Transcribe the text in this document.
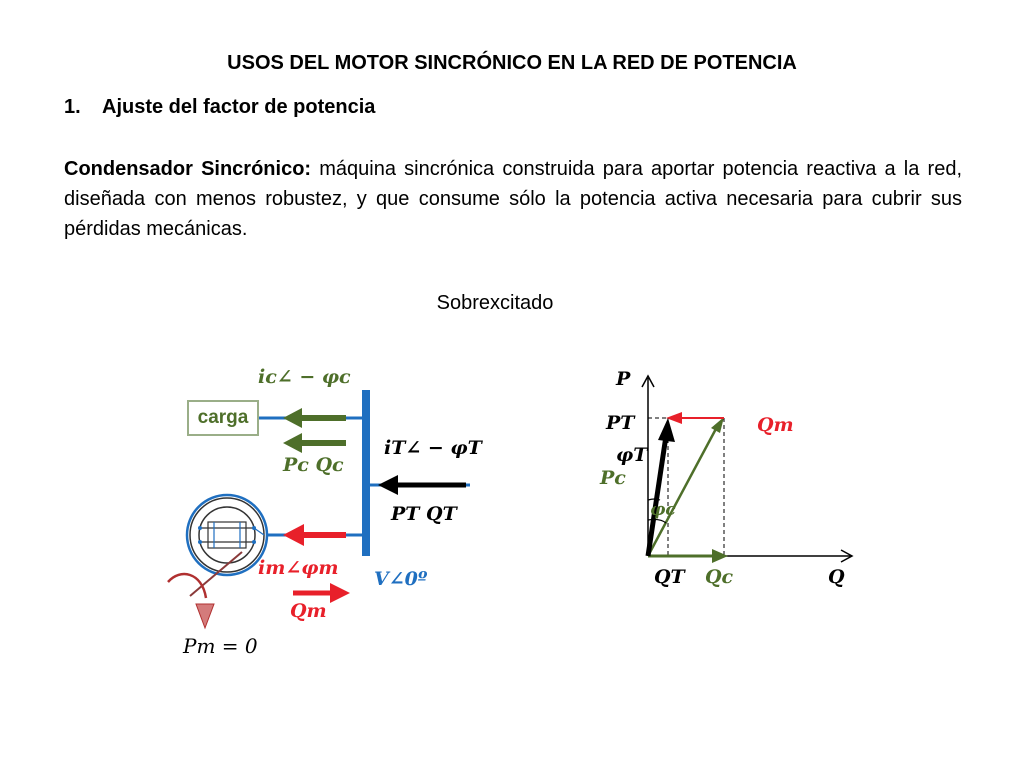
USOS DEL MOTOR SINCRÓNICO EN LA RED DE POTENCIA
1. Ajuste del factor de potencia
Condensador Sincrónico: máquina sincrónica construida para aportar potencia reactiva a la red, diseñada con menos robustez, y que consume sólo la potencia activa necesaria para cubrir sus pérdidas mecánicas.
Sobrexcitado
carga
iᴄ∠ − φᴄ
Pᴄ Qᴄ
iT∠ − φT
PT QT
im∠φm
Qm
V∠0º
Pm = 0
P
Q
PT	Qm
φT
Pc
φc
QT Qc
